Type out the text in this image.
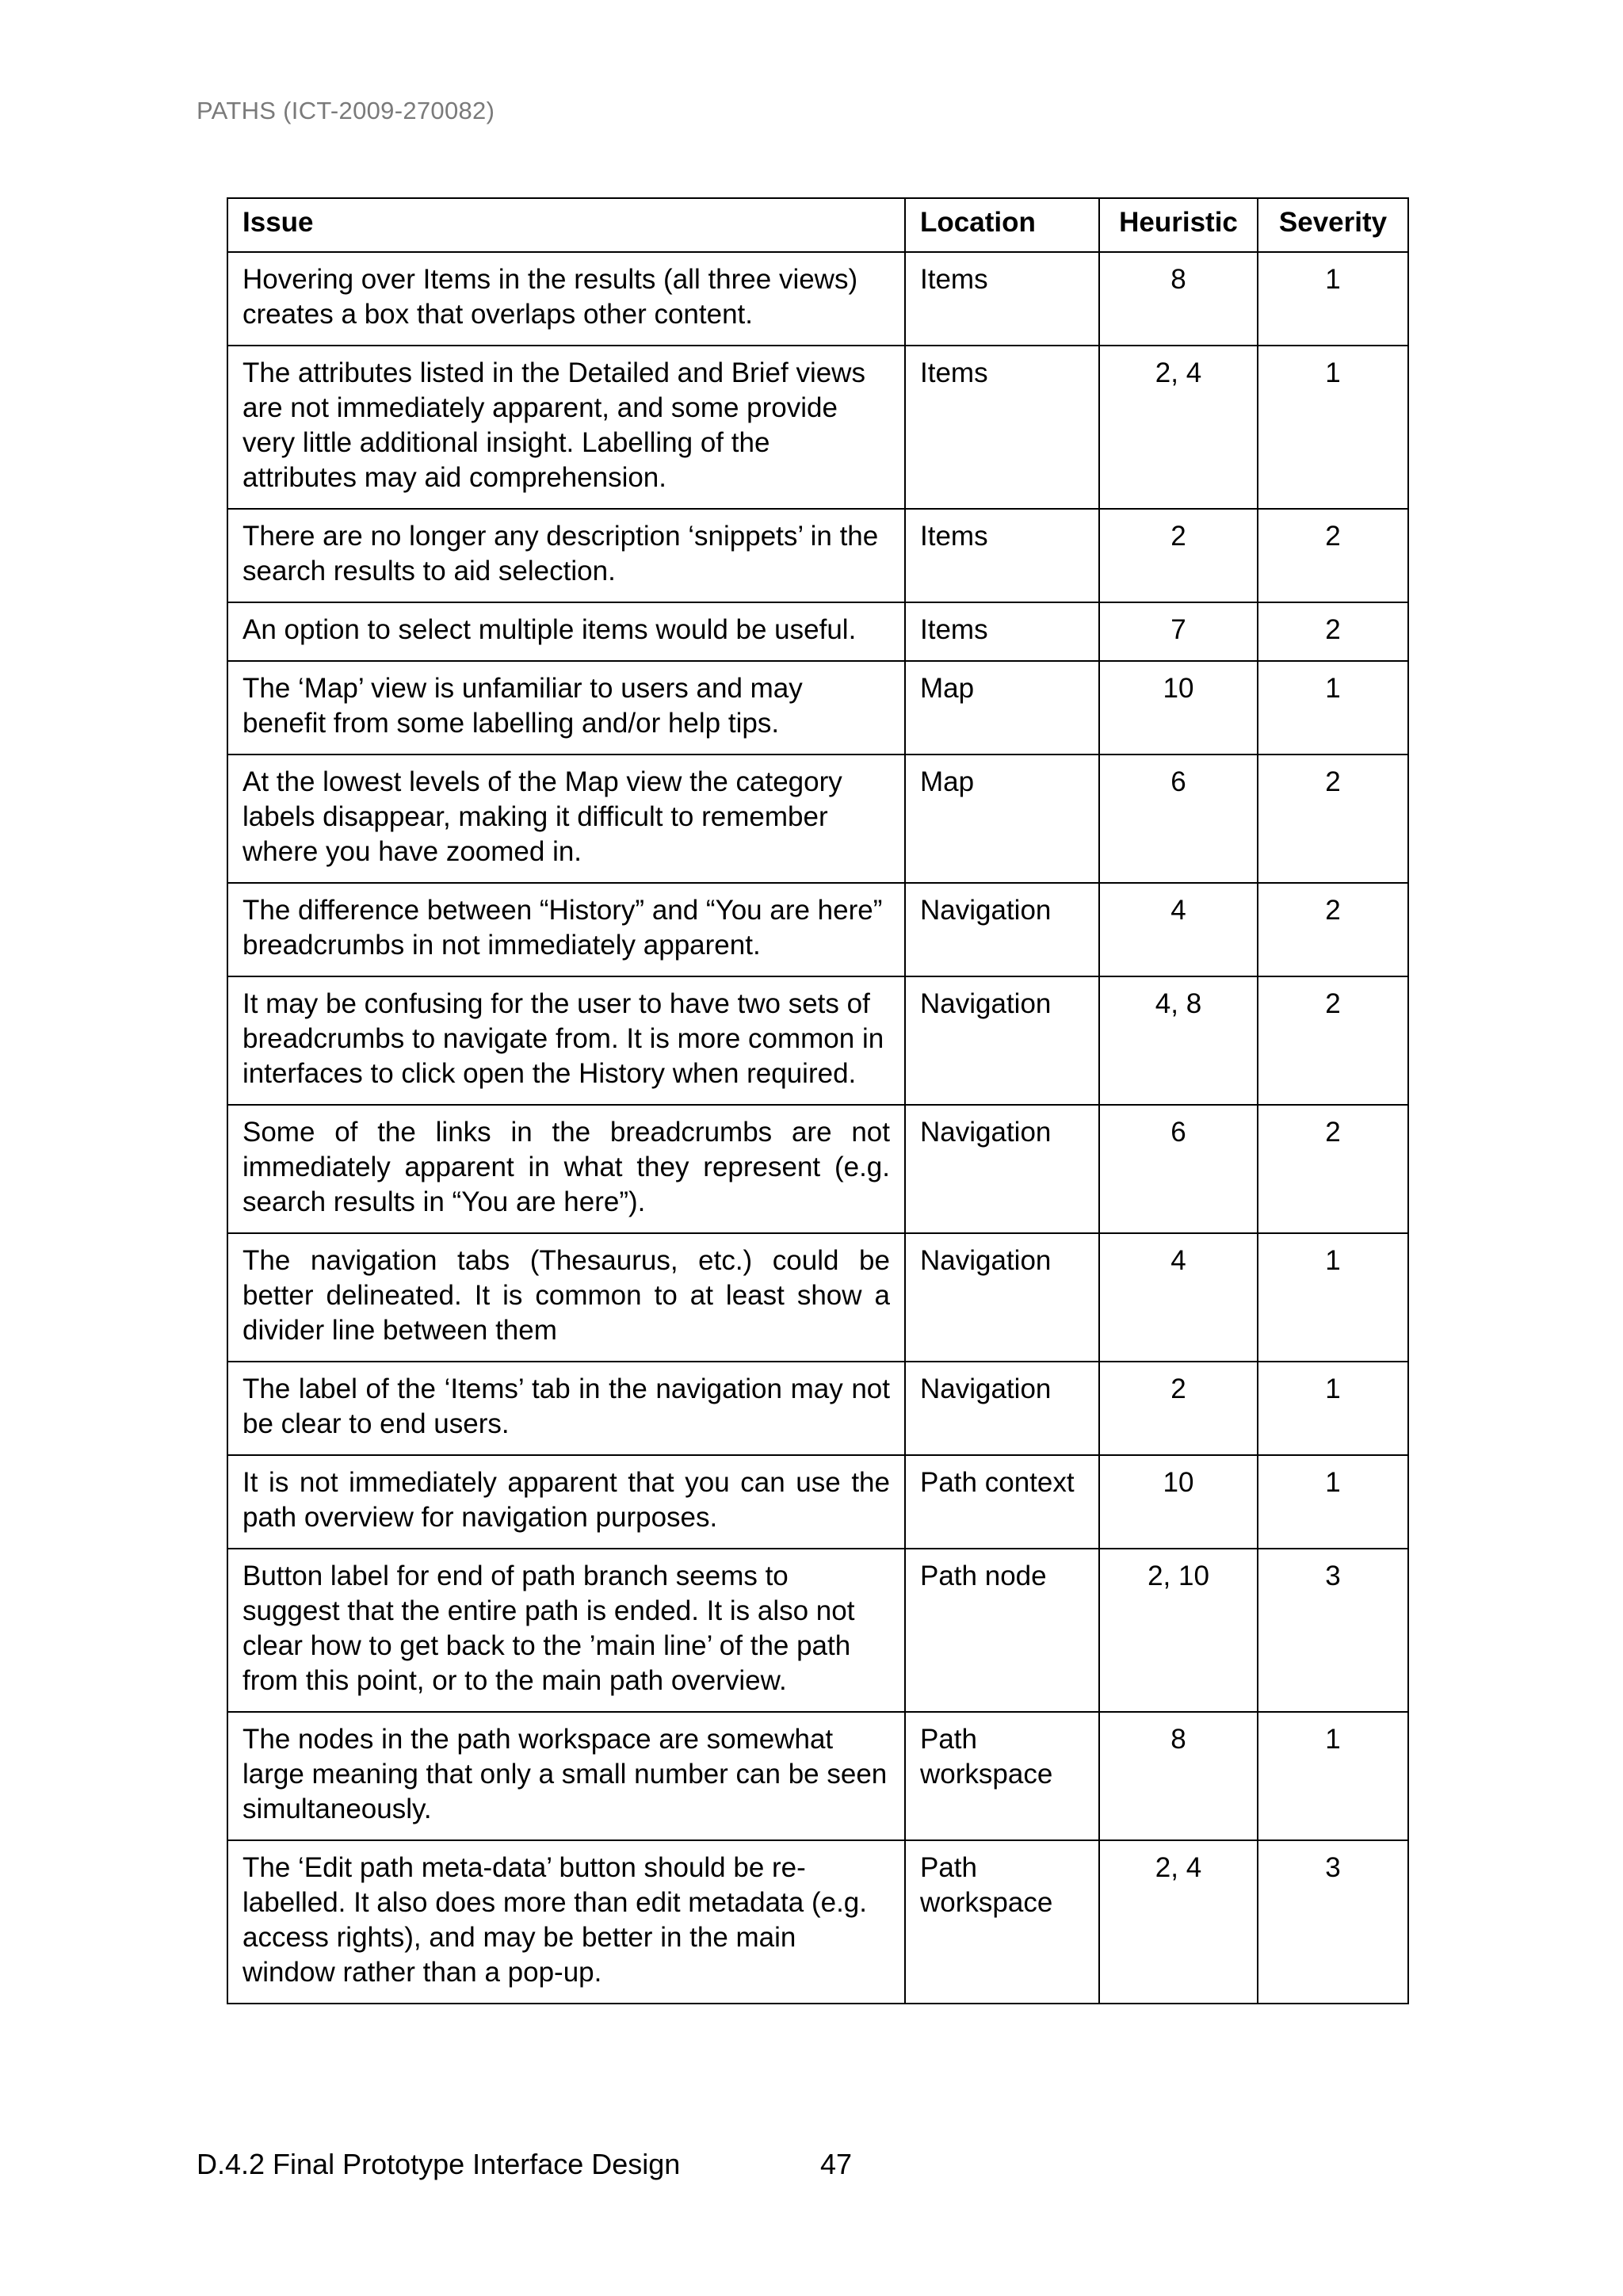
PATHS (ICT-2009-270082)
Issue	Location	Heuristic	Severity
Hovering over Items in the results (all three views) creates a box that overlaps other content.	Items	8	1
The attributes listed in the Detailed and Brief views are not immediately apparent, and some provide very little additional insight. Labelling of the attributes may aid comprehension.	Items	2, 4	1
There are no longer any description ‘snippets’ in the search results to aid selection.	Items	2	2
An option to select multiple items would be useful.	Items	7	2
The ‘Map’ view is unfamiliar to users and may benefit from some labelling and/or help tips.	Map	10	1
At the lowest levels of the Map view the category labels disappear, making it difficult to remember where you have zoomed in.	Map	6	2
The difference between “History” and “You are here” breadcrumbs in not immediately apparent.	Navigation	4	2
It may be confusing for the user to have two sets of breadcrumbs to navigate from. It is more common in interfaces to click open the History when required.	Navigation	4, 8	2
Some of the links in the breadcrumbs are not immediately apparent in what they represent (e.g. search results in “You are here”).	Navigation	6	2
The navigation tabs (Thesaurus, etc.) could be better delineated. It is common to at least show a divider line between them	Navigation	4	1
The label of the ‘Items’ tab in the navigation may not be clear to end users.	Navigation	2	1
It is not immediately apparent that you can use the path overview for navigation purposes.	Path context	10	1
Button label for end of path branch seems to suggest that the entire path is ended. It is also not clear how to get back to the ’main line’ of the path from this point, or to the main path overview.	Path node	2, 10	3
The nodes in the path workspace are somewhat large meaning that only a small number can be seen simultaneously.	Path workspace	8	1
The ‘Edit path meta-data’ button should be re-labelled. It also does more than edit metadata (e.g. access rights), and may be better in the main window rather than a pop-up.	Path workspace	2, 4	3
D.4.2 Final Prototype Interface Design	47
